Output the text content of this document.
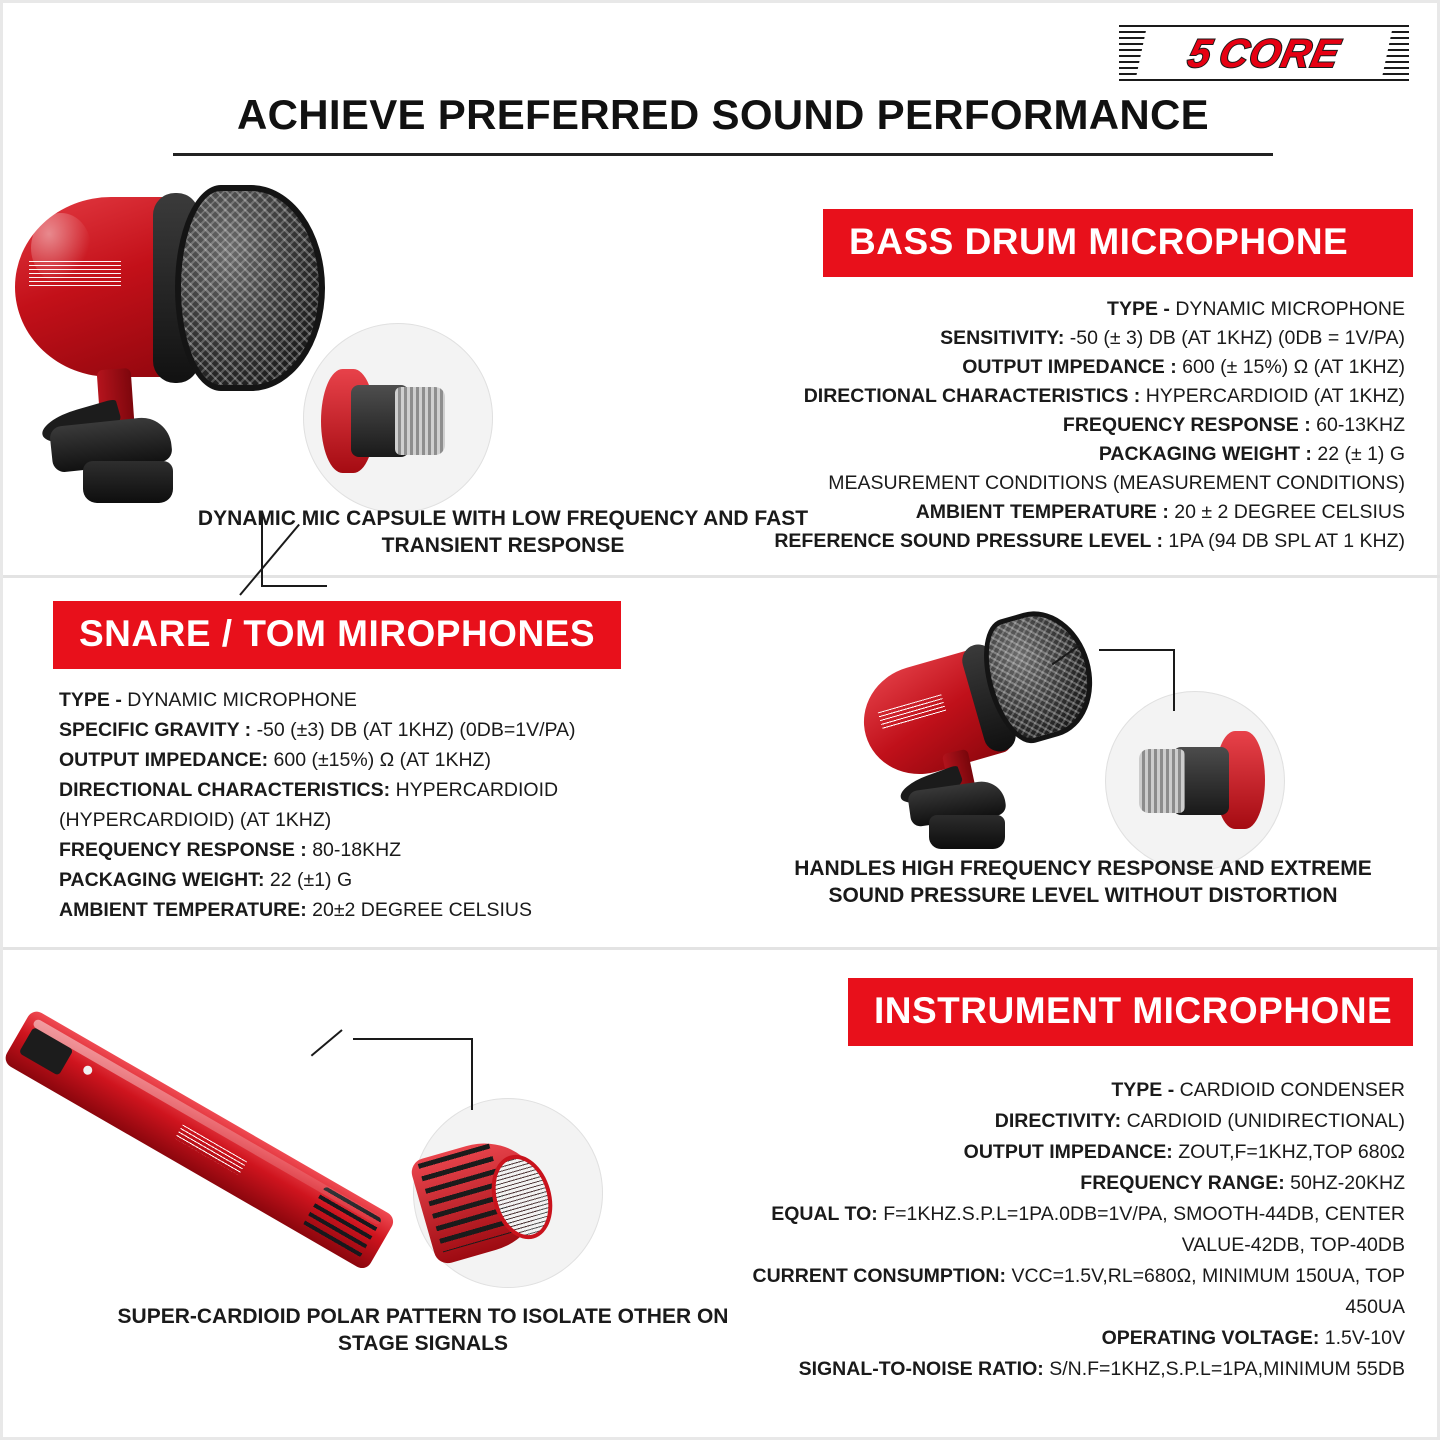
5
CORE
ACHIEVE PREFERRED SOUND PERFORMANCE
BASS DRUM MICROPHONE
TYPE - DYNAMIC MICROPHONE
SENSITIVITY: -50 (± 3) DB (AT 1KHZ) (0DB = 1V/PA)
OUTPUT IMPEDANCE : 600 (± 15%) Ω (AT 1KHZ)
DIRECTIONAL CHARACTERISTICS : HYPERCARDIOID (AT 1KHZ)
FREQUENCY RESPONSE : 60-13KHZ
PACKAGING WEIGHT : 22 (± 1) G
MEASUREMENT CONDITIONS (MEASUREMENT CONDITIONS)
AMBIENT TEMPERATURE : 20 ± 2 DEGREE CELSIUS
REFERENCE SOUND PRESSURE LEVEL : 1PA (94 DB SPL AT 1 KHZ)
DYNAMIC MIC CAPSULE WITH LOW FREQUENCY AND FAST TRANSIENT RESPONSE
SNARE / TOM MIROPHONES
TYPE - DYNAMIC MICROPHONE
SPECIFIC GRAVITY : -50 (±3) DB (AT 1KHZ) (0DB=1V/PA)
OUTPUT IMPEDANCE: 600 (±15%) Ω (AT 1KHZ)
DIRECTIONAL CHARACTERISTICS: HYPERCARDIOID (HYPERCARDIOID) (AT 1KHZ)
FREQUENCY RESPONSE : 80-18KHZ
PACKAGING WEIGHT: 22 (±1) G
AMBIENT TEMPERATURE: 20±2 DEGREE CELSIUS
HANDLES HIGH FREQUENCY RESPONSE AND EXTREME SOUND PRESSURE LEVEL WITHOUT DISTORTION
INSTRUMENT MICROPHONE
TYPE - CARDIOID CONDENSER
DIRECTIVITY: CARDIOID (UNIDIRECTIONAL)
OUTPUT IMPEDANCE: ZOUT,F=1KHZ,TOP 680Ω
FREQUENCY RANGE: 50HZ-20KHZ
EQUAL TO: F=1KHZ.S.P.L=1PA.0DB=1V/PA, SMOOTH-44DB, CENTER VALUE-42DB, TOP-40DB
CURRENT CONSUMPTION: VCC=1.5V,RL=680Ω, MINIMUM 150UA, TOP 450UA
OPERATING VOLTAGE: 1.5V-10V
SIGNAL-TO-NOISE RATIO: S/N.F=1KHZ,S.P.L=1PA,MINIMUM 55DB
SUPER-CARDIOID POLAR PATTERN TO ISOLATE OTHER ON STAGE SIGNALS
